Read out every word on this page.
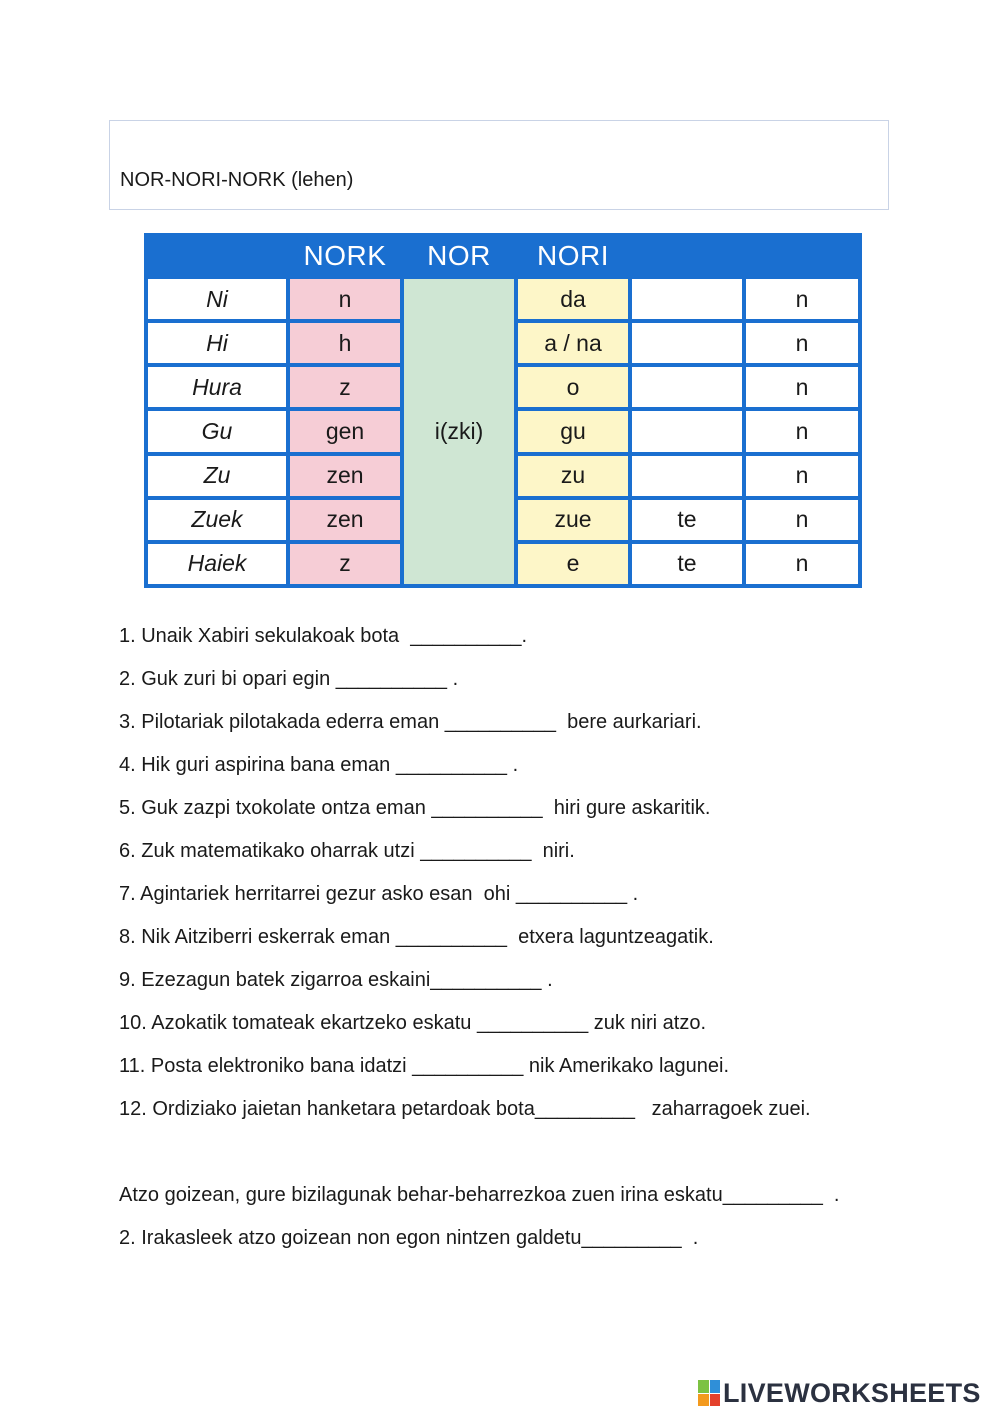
NOR-NORI-NORK (lehen)
	NORK	NOR	NORI		
Ni	n	i(zki)	da		n
Hi	h		a / na		n
Hura	z		o		n
Gu	gen		gu		n
Zu	zen		zu		n
Zuek	zen		zue	te	n
Haiek	z		e	te	n
1. Unaik Xabiri sekulakoak bota  __________.
2. Guk zuri bi opari egin __________ .
3. Pilotariak pilotakada ederra eman __________  bere aurkariari.
4. Hik guri aspirina bana eman __________ .
5. Guk zazpi txokolate ontza eman __________  hiri gure askaritik.
6. Zuk matematikako oharrak utzi __________  niri.
7. Agintariek herritarrei gezur asko esan  ohi __________ .
8. Nik Aitziberri eskerrak eman __________  etxera laguntzeagatik.
9. Ezezagun batek zigarroa eskaini__________ .
10. Azokatik tomateak ekartzeko eskatu __________ zuk niri atzo.
11. Posta elektroniko bana idatzi __________ nik Amerikako lagunei.
12. Ordiziako jaietan hanketara petardoak bota_________   zaharragoek zuei.
Atzo goizean, gure bizilagunak behar-beharrezkoa zuen irina eskatu_________  .
2. Irakasleek atzo goizean non egon nintzen galdetu_________  .
LIVEWORKSHEETS
